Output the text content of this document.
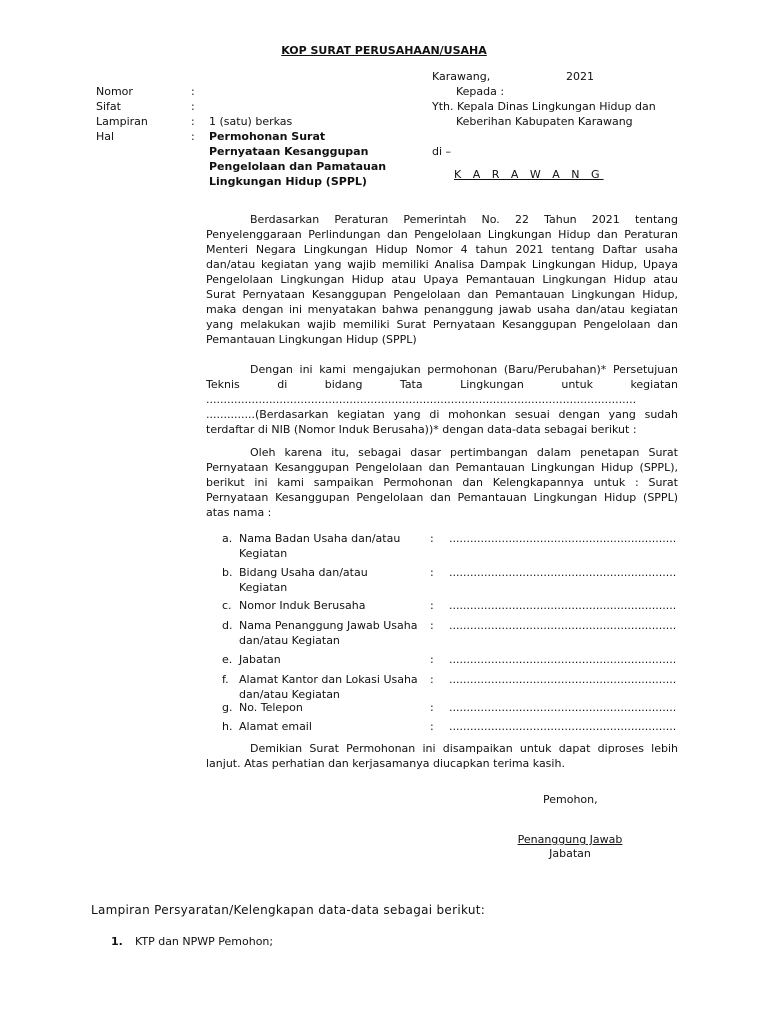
KOP SURAT PERUSAHAAN/USAHA
Nomor	:
Sifat	:
Lampiran	: 1 (satu) berkas
Hal	: Permohonan Surat Pernyataan Kesanggupan Pengelolaan dan Pamatauan Lingkungan Hidup (SPPL)
Karawang,	2021
Kepada :
Yth. Kepala Dinas Lingkungan Hidup dan
Keberihan Kabupaten Karawang
di –
K A R A W A N G

Berdasarkan Peraturan Pemerintah No. 22 Tahun 2021 tentang Penyelenggaraan Perlindungan dan Pengelolaan Lingkungan Hidup dan Peraturan Menteri Negara Lingkungan Hidup Nomor 4 tahun 2021 tentang Daftar usaha dan/atau kegiatan yang wajib memiliki Analisa Dampak Lingkungan Hidup, Upaya Pengelolaan Lingkungan Hidup atau Upaya Pemantauan Lingkungan Hidup atau Surat Pernyataan Kesanggupan Pengelolaan dan Pemantauan Lingkungan Hidup, maka dengan ini menyatakan bahwa penanggung jawab usaha dan/atau kegiatan yang melakukan wajib memiliki Surat Pernyataan Kesanggupan Pengelolaan dan Pemantauan Lingkungan Hidup (SPPL)

Dengan ini kami mengajukan permohonan (Baru/Perubahan)* Persetujuan Teknis di bidang Tata Lingkungan untuk kegiatan ........................................................................................................................... ..............(Berdasarkan kegiatan yang di mohonkan sesuai dengan yang sudah terdaftar di NIB (Nomor Induk Berusaha))* dengan data-data sebagai berikut :

Oleh karena itu, sebagai dasar pertimbangan dalam penetapan Surat Pernyataan Kesanggupan Pengelolaan dan Pemantauan Lingkungan Hidup (SPPL), berikut ini kami sampaikan Permohonan dan Kelengkapannya untuk : Surat Pernyataan Kesanggupan Pengelolaan dan Pemantauan Lingkungan Hidup (SPPL) atas nama :

a. Nama Badan Usaha dan/atau Kegiatan
: .................................................................
b. Bidang Usaha dan/atau Kegiatan
: .................................................................
c. Nomor Induk Berusaha	: .................................................................
d. Nama Penanggung Jawab Usaha dan/atau Kegiatan
: .................................................................
e. Jabatan	: .................................................................
f. Alamat Kantor dan Lokasi Usaha dan/atau Kegiatan
: .................................................................
g. No. Telepon	: .................................................................
h. Alamat email	: .................................................................

Demikian Surat Permohonan ini disampaikan untuk dapat diproses lebih lanjut. Atas perhatian dan kerjasamanya diucapkan terima kasih.

Pemohon,
Penanggung Jawab
Jabatan
Lampiran Persyaratan/Kelengkapan data-data sebagai berikut:
1. KTP dan NPWP Pemohon;
